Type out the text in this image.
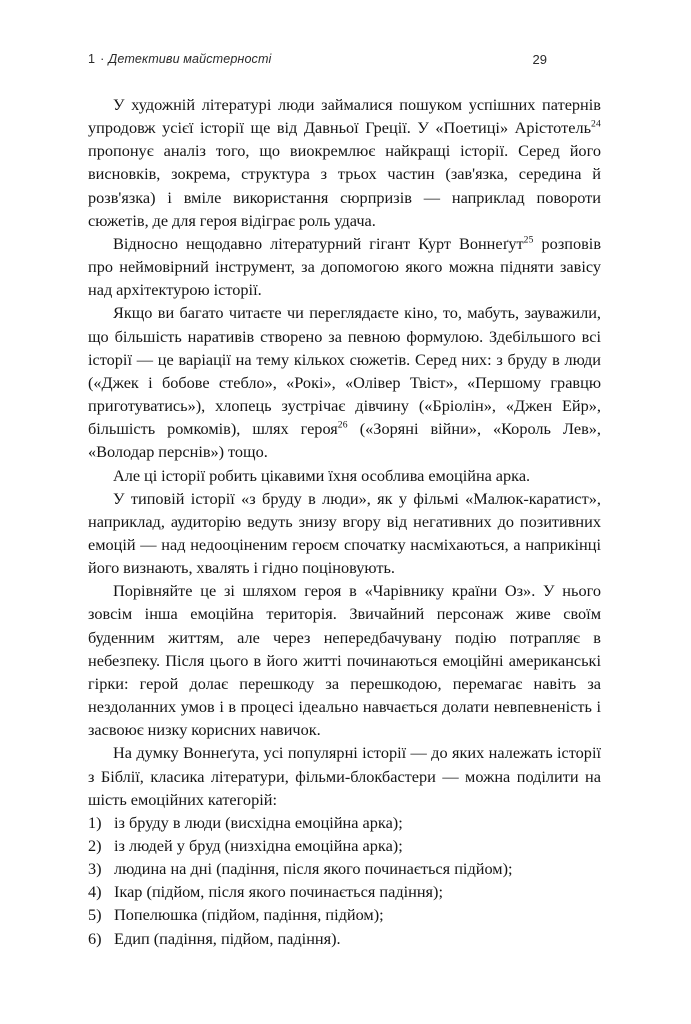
1 · Детективи майстерності	29

У художній літературі люди займалися пошуком успішних патернів упродовж усієї історії ще від Давньої Греції. У «Поетиці» Арістотель$^{24}$ пропонує аналіз того, що виокремлює найкращі історії. Серед його висновків, зокрема, структура з трьох частин (зав'язка, середина й розв'язка) і вміле використання сюрпризів — наприклад повороти сюжетів, де для героя відіграє роль удача.

Відносно нещодавно літературний гігант Курт Воннеґут$^{25}$ розповів про неймовірний інструмент, за допомогою якого можна підняти завісу над архітектурою історії.

Якщо ви багато читаєте чи переглядаєте кіно, то, мабуть, зауважили, що більшість наративів створено за певною формулою. Здебільшого всі історії — це варіації на тему кількох сюжетів. Серед них: з бруду в люди («Джек і бобове стебло», «Рокі», «Олівер Твіст», «Першому гравцю приготуватись»), хлопець зустрічає дівчину («Бріолін», «Джен Ейр», більшість ромкомів), шлях героя$^{26}$ («Зоряні війни», «Король Лев», «Володар перснів») тощо.

Але ці історії робить цікавими їхня особлива емоційна арка.

У типовій історії «з бруду в люди», як у фільмі «Малюк-каратист», наприклад, аудиторію ведуть знизу вгору від негативних до позитивних емоцій — над недооціненим героєм спочатку насміхаються, а наприкінці його визнають, хвалять і гідно поціновують.

Порівняйте це зі шляхом героя в «Чарівнику країни Оз». У нього зовсім інша емоційна територія. Звичайний персонаж живе своїм буденним життям, але через непередбачувану подію потрапляє в небезпеку. Після цього в його житті починаються емоційні американські гірки: герой долає перешкоду за перешкодою, перемагає навіть за нездоланних умов і в процесі ідеально навчається долати невпевненість і засвоює низку корисних навичок.

На думку Воннеґута, усі популярні історії — до яких належать історії з Біблії, класика літератури, фільми-блокбастери — можна поділити на шість емоційних категорій:

1) із бруду в люди (висхідна емоційна арка);
2) із людей у бруд (низхідна емоційна арка);
3) людина на дні (падіння, після якого починається підйом);
4) Ікар (підйом, після якого починається падіння);
5) Попелюшка (підйом, падіння, підйом);
6) Едип (падіння, підйом, падіння).
